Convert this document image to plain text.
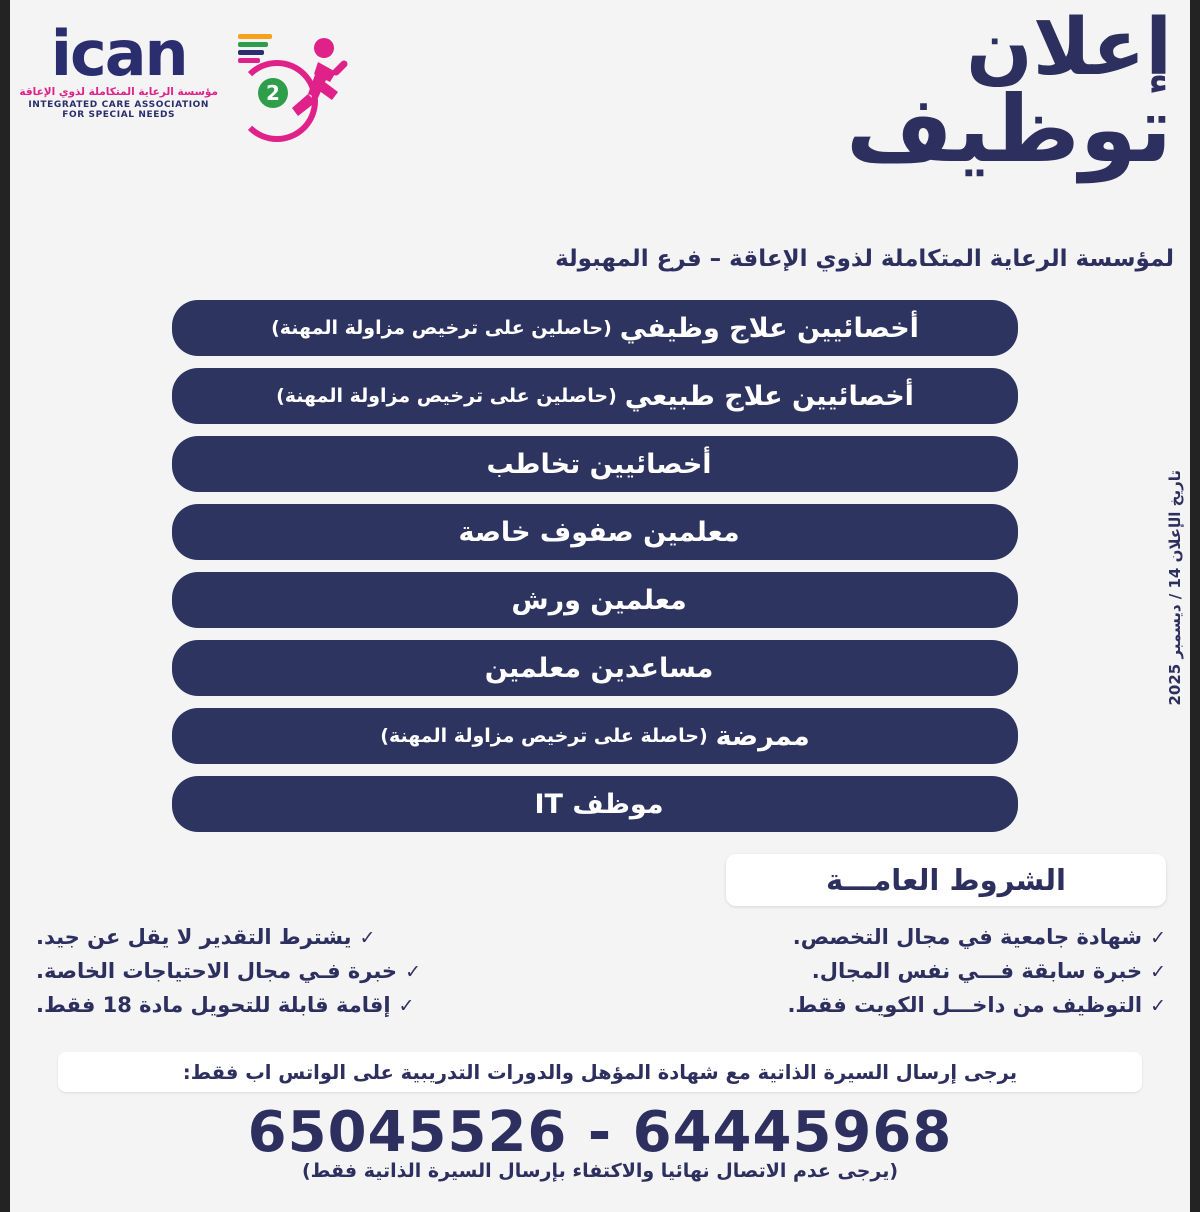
2
ican
مؤسسة الرعاية المتكاملة لذوي الإعاقة
INTEGRATED CARE ASSOCIATION
FOR SPECIAL NEEDS
إعلان
توظيف
لمؤسسة الرعاية المتكاملة لذوي الإعاقة – فرع المهبولة
تاريخ الإعلان 14 / ديسمبر 2025
أخصائيين علاج وظيفي
(حاصلين على ترخيص مزاولة المهنة)
أخصائيين علاج طبيعي
(حاصلين على ترخيص مزاولة المهنة)
أخصائيين تخاطب
معلمين صفوف خاصة
معلمين ورش
مساعدين معلمين
ممرضة
(حاصلة على ترخيص مزاولة المهنة)
موظف IT
الشروط العامـــة
✓
شهادة جامعية في مجال التخصص.
✓
خبرة سابقة فـــي نفس المجال.
✓
التوظيف من داخـــل الكويت فقط.
✓
يشترط التقدير لا يقل عن جيد.
✓
خبرة فـي مجال الاحتياجات الخاصة.
✓
إقامة قابلة للتحويل مادة 18 فقط.
يرجى إرسال السيرة الذاتية مع شهادة المؤهل والدورات التدريبية على الواتس اب فقط:
65045526 - 64445968
(يرجى عدم الاتصال نهائيا والاكتفاء بإرسال السيرة الذاتية فقط)
